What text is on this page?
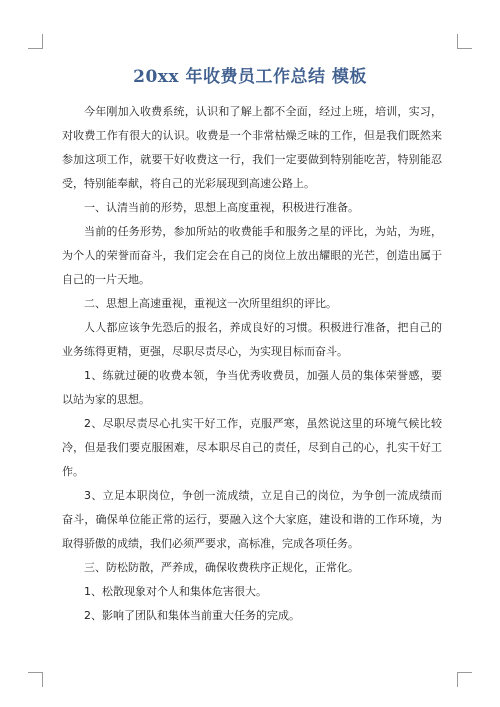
20xx 年收费员工作总结 模板

今年刚加入收费系统，认识和了解上都不全面，经过上班，培训，实习，对收费工作有很大的认识。收费是一个非常枯燥乏味的工作，但是我们既然来参加这项工作，就要干好收费这一行，我们一定要做到特别能吃苦，特别能忍受，特别能奉献，将自己的光彩展现到高速公路上。

一、认清当前的形势，思想上高度重视，积极进行准备。

当前的任务形势，参加所站的收费能手和服务之星的评比，为站，为班，为个人的荣誉而奋斗，我们定会在自己的岗位上放出耀眼的光芒，创造出属于自己的一片天地。

二、思想上高速重视，重视这一次所里组织的评比。

人人都应该争先恐后的报名，养成良好的习惯。积极进行准备，把自己的业务练得更精，更强，尽职尽责尽心，为实现目标而奋斗。

1、练就过硬的收费本领，争当优秀收费员，加强人员的集体荣誉感，要以站为家的思想。

2、尽职尽责尽心扎实干好工作，克服严寒，虽然说这里的环境气候比较冷，但是我们要克服困难，尽本职尽自己的责任，尽到自己的心，扎实干好工作。

3、立足本职岗位，争创一流成绩，立足自己的岗位，为争创一流成绩而奋斗，确保单位能正常的运行，要融入这个大家庭，建设和谐的工作环境，为取得骄傲的成绩，我们必须严要求，高标准，完成各项任务。

三、防松防散，严养成，确保收费秩序正规化，正常化。

1、松散现象对个人和集体危害很大。

2、影响了团队和集体当前重大任务的完成。
